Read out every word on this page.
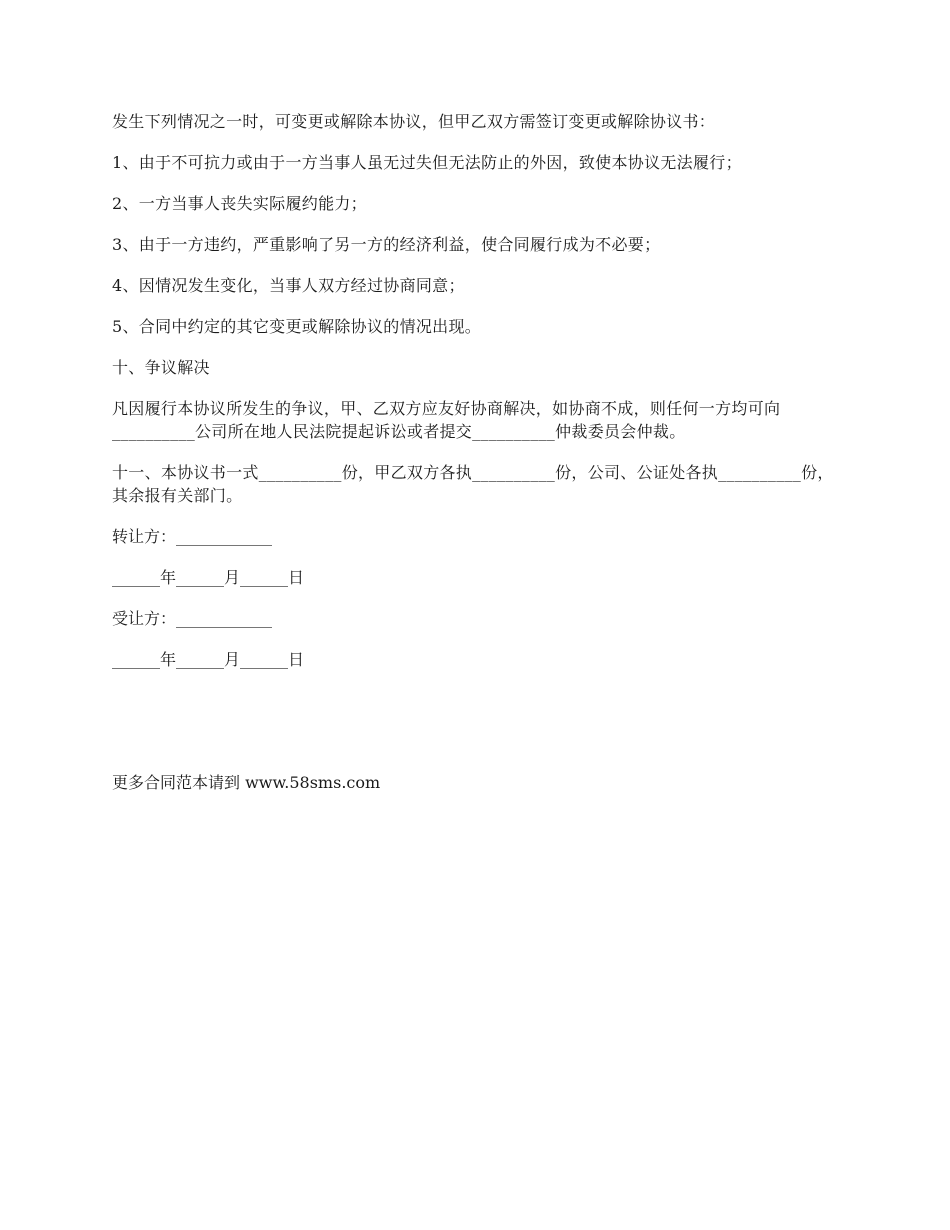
发生下列情况之一时，可变更或解除本协议，但甲乙双方需签订变更或解除协议书：

1、由于不可抗力或由于一方当事人虽无过失但无法防止的外因，致使本协议无法履行；

2、一方当事人丧失实际履约能力；

3、由于一方违约，严重影响了另一方的经济利益，使合同履行成为不必要；

4、因情况发生变化，当事人双方经过协商同意；

5、合同中约定的其它变更或解除协议的情况出现。

十、争议解决

凡因履行本协议所发生的争议，甲、乙双方应友好协商解决，如协商不成，则任何一方均可向__________公司所在地人民法院提起诉讼或者提交__________仲裁委员会仲裁。

十一、本协议书一式__________份，甲乙双方各执__________份，公司、公证处各执__________份，其余报有关部门。

转让方：____________

______年______月______日

受让方：____________

______年______月______日

更多合同范本请到 www.58sms.com
